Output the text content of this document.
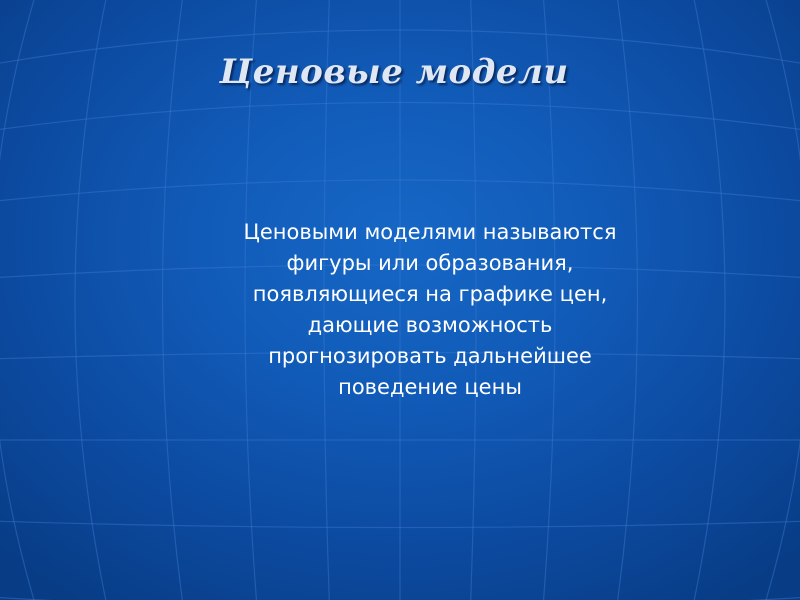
Ценовые модели

Ценовыми моделями называются
фигуры или образования,
появляющиеся на графике цен,
дающие возможность
прогнозировать дальнейшее
поведение цены
